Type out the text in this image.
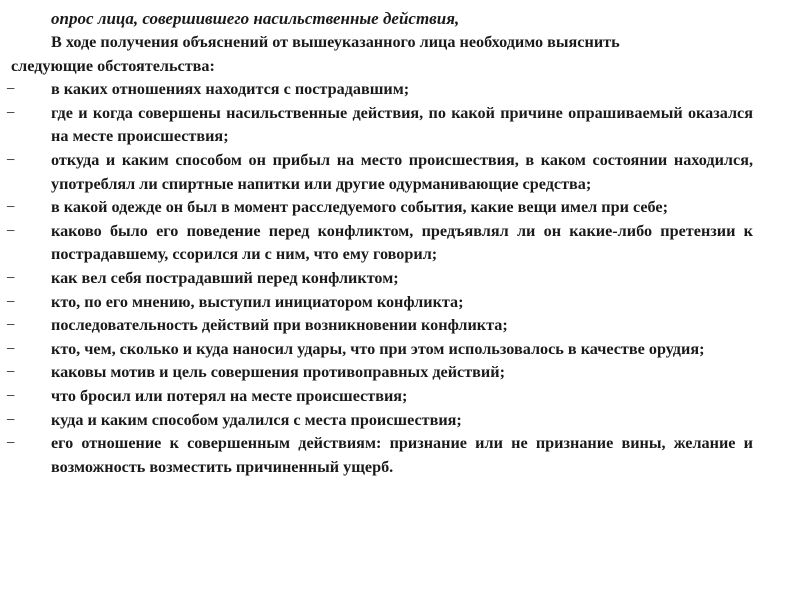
опрос лица, совершившего насильственные действия,
В ходе получения объяснений от вышеуказанного лица необходимо выяснить
следующие обстоятельства:
− в каких отношениях находится с пострадавшим;
− где и когда совершены насильственные действия, по какой причине опрашиваемый оказался на месте происшествия;
− откуда и каким способом он прибыл на место происшествия, в каком состоянии находился, употреблял ли спиртные напитки или другие одурманивающие средства;
− в какой одежде он был в момент расследуемого события, какие вещи имел при себе;
− каково было его поведение перед конфликтом, предъявлял ли он какие-либо претензии к пострадавшему, ссорился ли с ним, что ему говорил;
− как вел себя пострадавший перед конфликтом;
− кто, по его мнению, выступил инициатором конфликта;
− последовательность действий при возникновении конфликта;
− кто, чем, сколько и куда наносил удары, что при этом использовалось в качестве орудия;
− каковы мотив и цель совершения противоправных действий;
− что бросил или потерял на месте происшествия;
− куда и каким способом удалился с места происшествия;
− его отношение к совершенным действиям: признание или не признание вины, желание и возможность возместить причиненный ущерб.
